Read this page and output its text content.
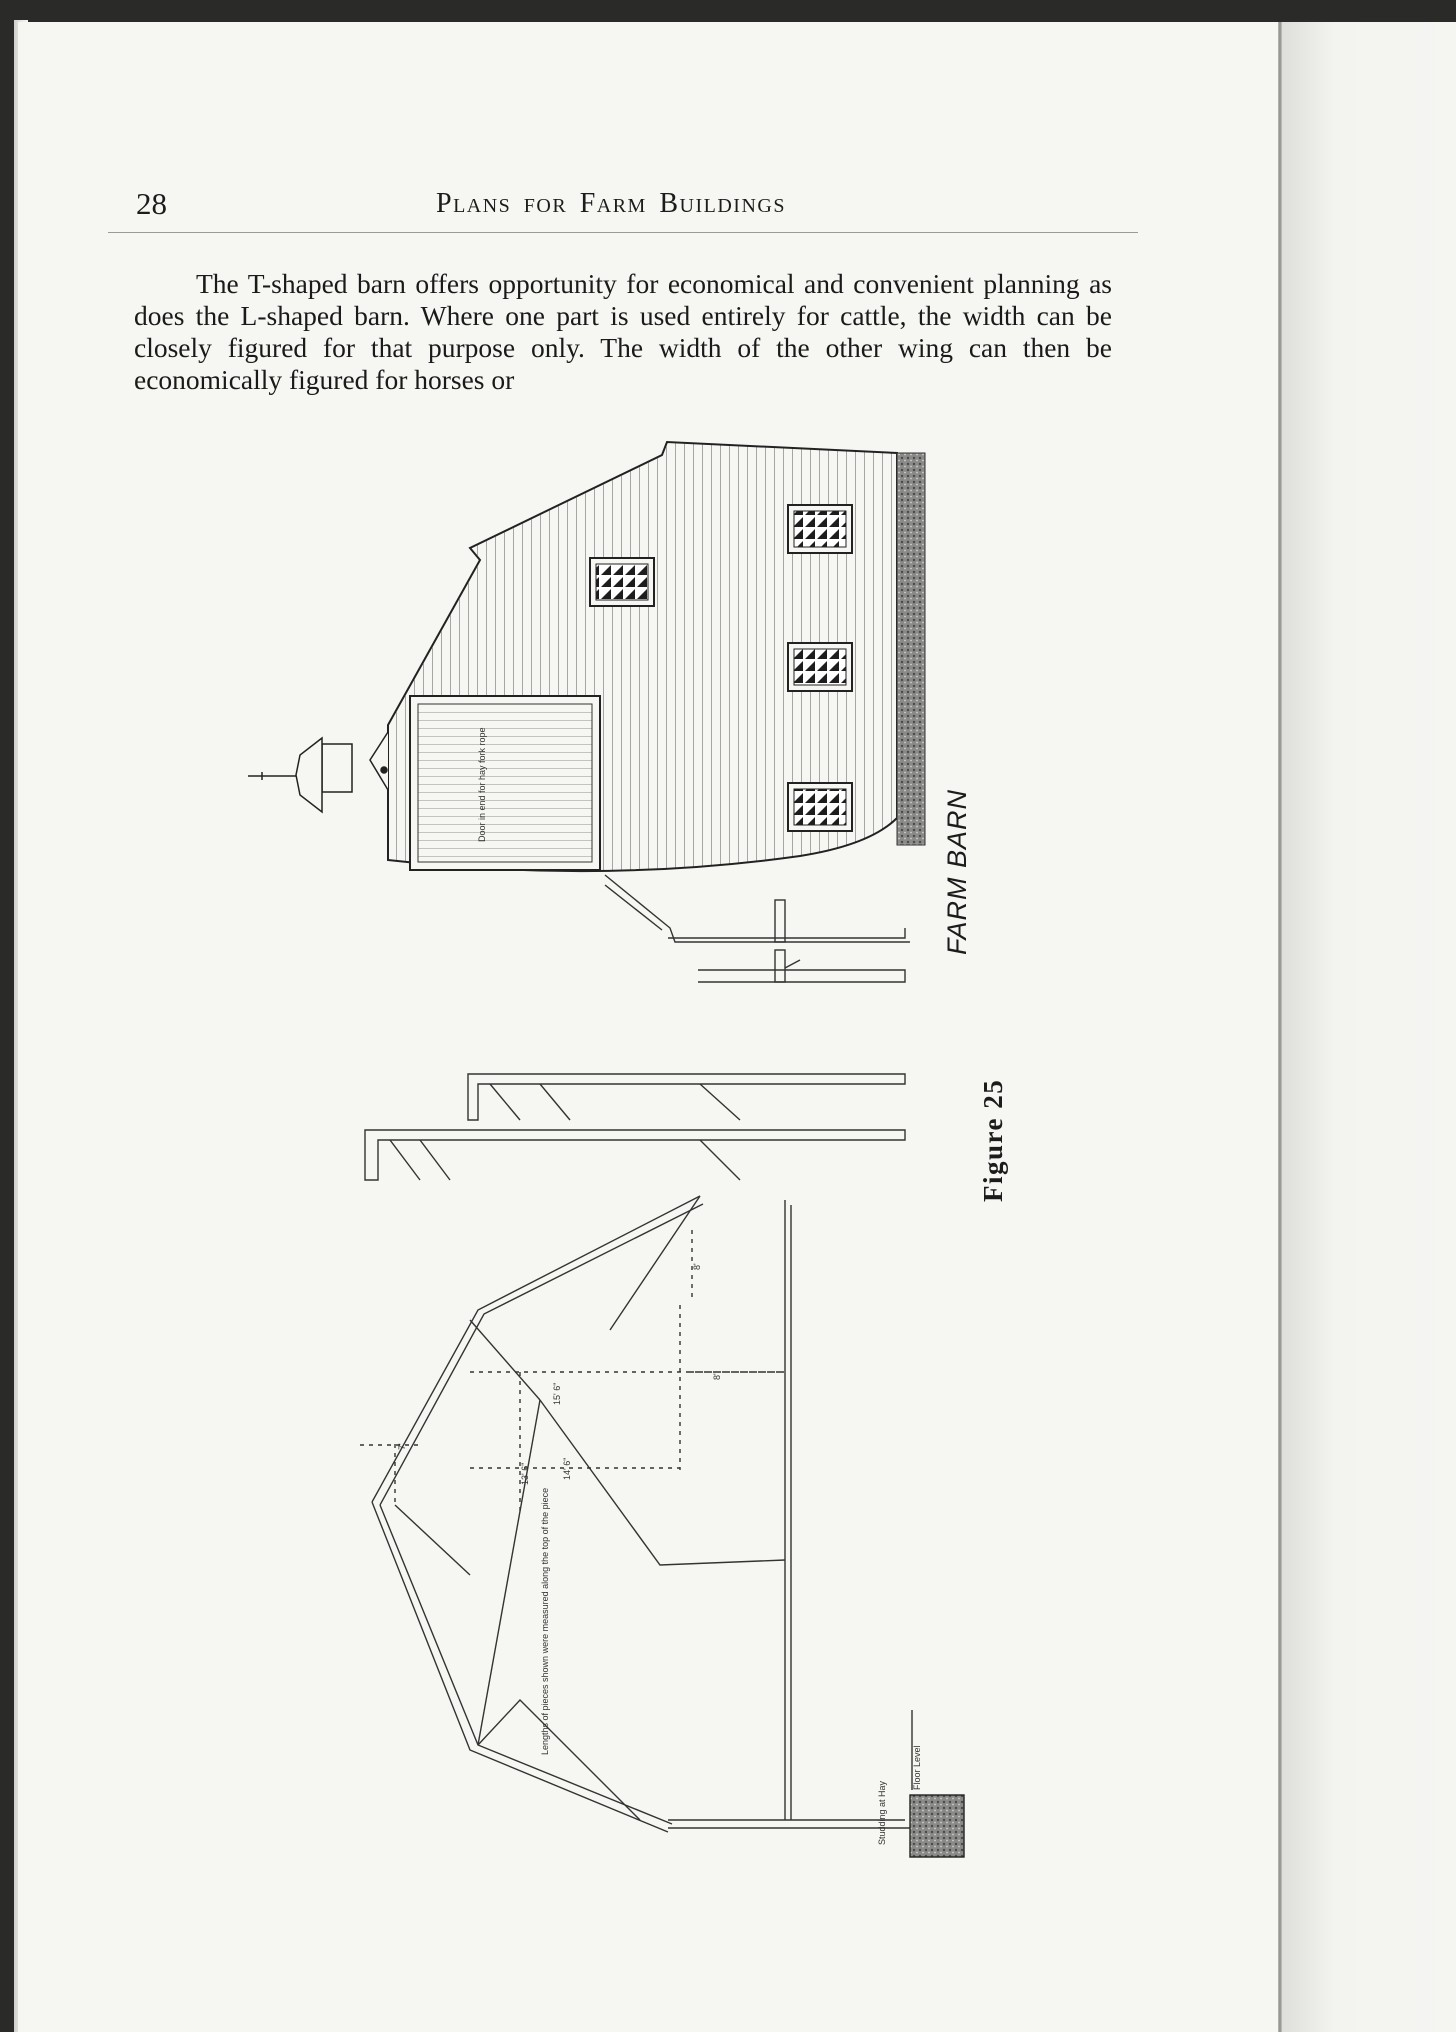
28	Plans for Farm Buildings

The T-shaped barn offers opportunity for economical and convenient planning as does the L-shaped barn. Where one part is used entirely for cattle, the width can be closely figured for that purpose only. The width of the other wing can then be economically figured for horses or

Door in end for hay fork rope
15' 6"
13' 6"	14' 6"
8'
8'
7'
Lengths of pieces shown were measured along the top of the piece
Floor Level
Studding at Hay
FARM BARN
Figure 25
